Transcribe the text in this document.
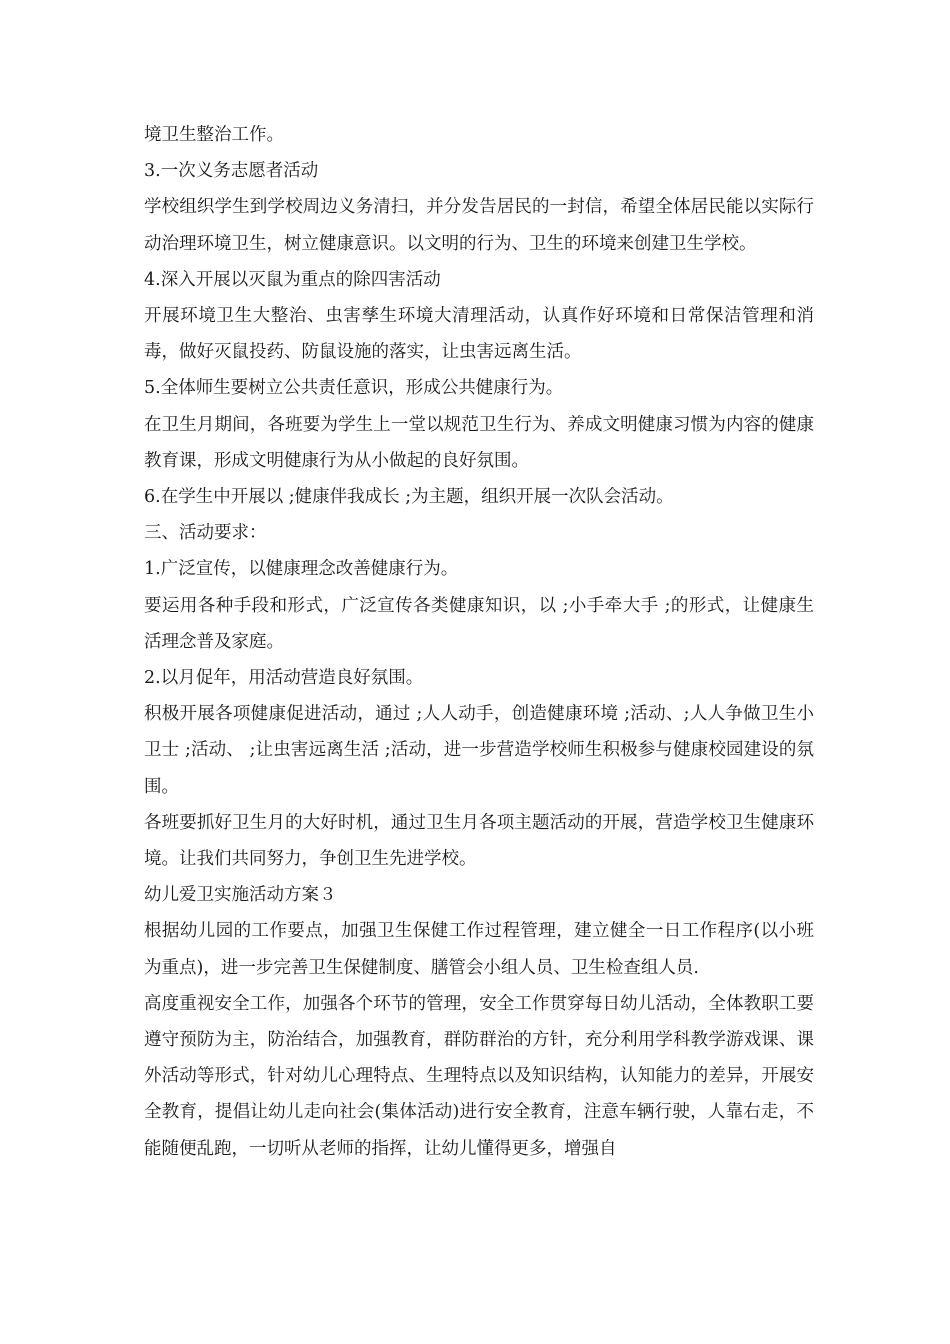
境卫生整治工作。

3.一次义务志愿者活动

学校组织学生到学校周边义务清扫，并分发告居民的一封信，希望全体居民能以实际行动治理环境卫生，树立健康意识。以文明的行为、卫生的环境来创建卫生学校。

4.深入开展以灭鼠为重点的除四害活动

开展环境卫生大整治、虫害孳生环境大清理活动，认真作好环境和日常保洁管理和消毒，做好灭鼠投药、防鼠设施的落实，让虫害远离生活。

5.全体师生要树立公共责任意识，形成公共健康行为。

在卫生月期间，各班要为学生上一堂以规范卫生行为、养成文明健康习惯为内容的健康教育课，形成文明健康行为从小做起的良好氛围。

6.在学生中开展以 ;健康伴我成长 ;为主题，组织开展一次队会活动。

三、活动要求：

1.广泛宣传，以健康理念改善健康行为。

要运用各种手段和形式，广泛宣传各类健康知识，以 ;小手牵大手 ;的形式，让健康生活理念普及家庭。

2.以月促年，用活动营造良好氛围。

积极开展各项健康促进活动，通过 ;人人动手，创造健康环境 ;活动、;人人争做卫生小卫士 ;活动、 ;让虫害远离生活 ;活动，进一步营造学校师生积极参与健康校园建设的氛围。

各班要抓好卫生月的大好时机，通过卫生月各项主题活动的开展，营造学校卫生健康环境。让我们共同努力，争创卫生先进学校。

幼儿爱卫实施活动方案３

根据幼儿园的工作要点，加强卫生保健工作过程管理，建立健全一日工作程序(以小班为重点)，进一步完善卫生保健制度、膳管会小组人员、卫生检查组人员.

高度重视安全工作，加强各个环节的管理，安全工作贯穿每日幼儿活动，全体教职工要遵守预防为主，防治结合，加强教育，群防群治的方针，充分利用学科教学游戏课、课外活动等形式，针对幼儿心理特点、生理特点以及知识结构，认知能力的差异，开展安全教育，提倡让幼儿走向社会(集体活动)进行安全教育，注意车辆行驶，人靠右走，不能随便乱跑，一切听从老师的指挥，让幼儿懂得更多，增强自
